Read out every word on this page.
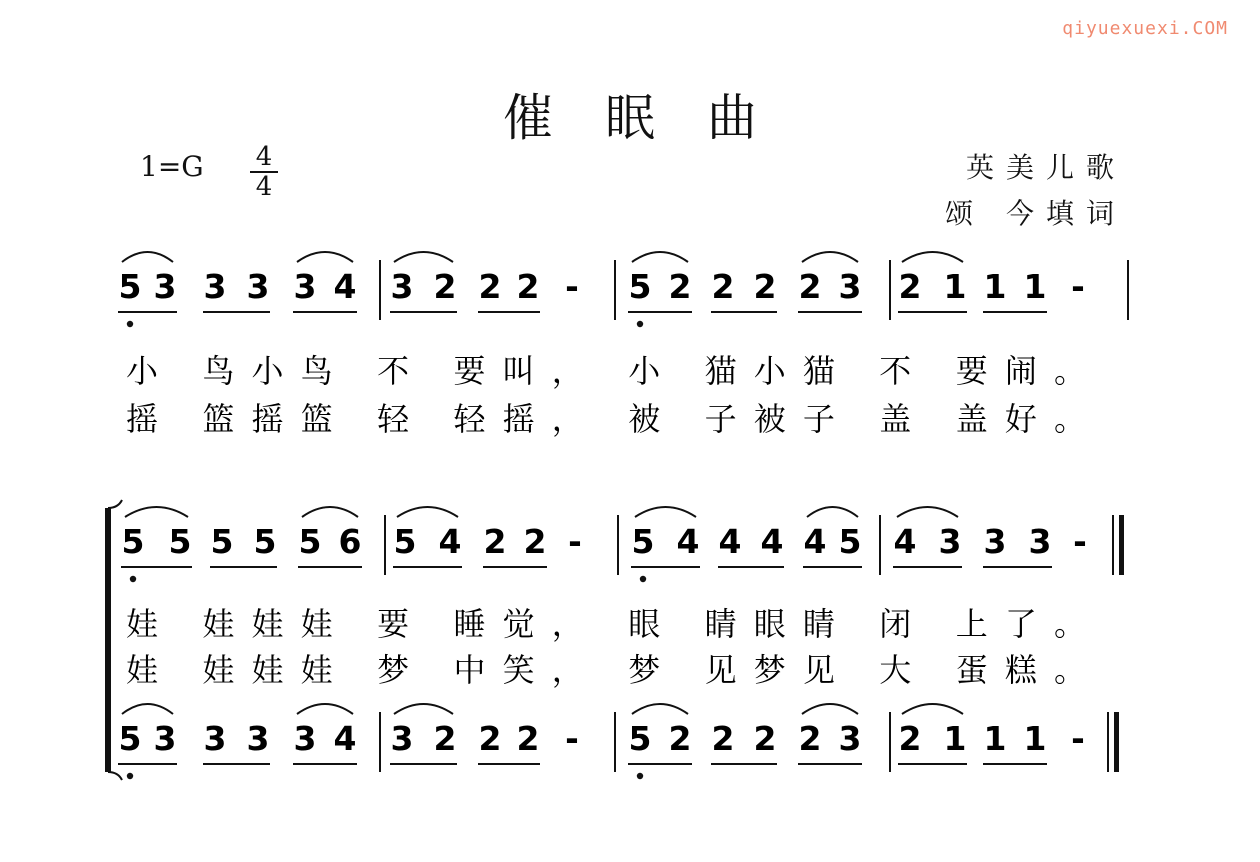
qiyuexuexi.COM
催眠曲
1=G 4
4
英美儿歌
颂 今填词
5 3 3 3 3 4 3 2 2 2 - 5 2 2 2 2 3 2 1 1 1 -
小 鸟小鸟 不 要叫， 小 猫小猫 不 要闹。
摇 篮摇篮 轻 轻摇， 被 子被子 盖 盖好。
5 5 5 5 5 6 5 4 2 2 - 5 4 4 4 4 5 4 3 3 3 -
娃 娃娃娃 要 睡觉， 眼 睛眼睛 闭 上了。
娃 娃娃娃 梦 中笑， 梦 见梦见 大 蛋糕。
5 3 3 3 3 4 3 2 2 2 - 5 2 2 2 2 3 2 1 1 1 -
